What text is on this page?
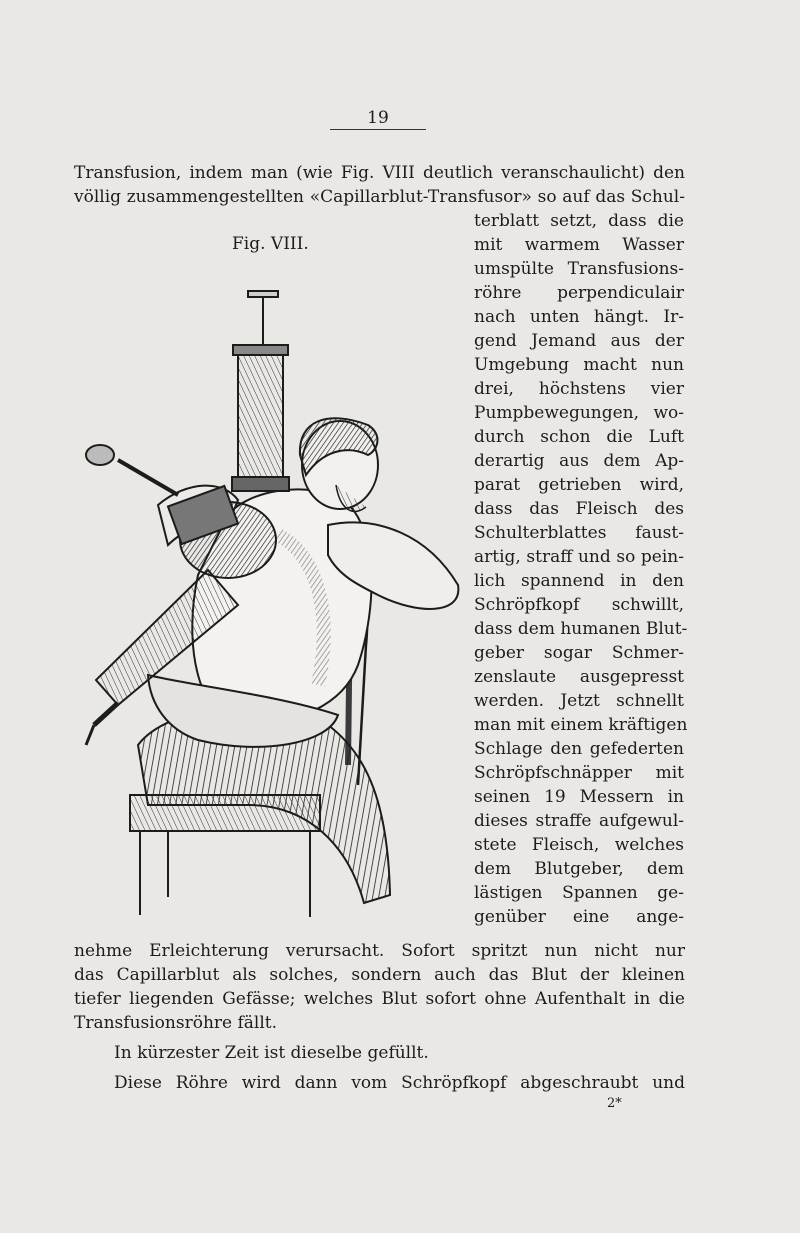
19
Transfusion, indem man (wie Fig. VIII deutlich veranschaulicht) den
völlig zusammengestellten «Capillarblut-Transfusor» so auf das Schul-
Fig. VIII.
terblatt setzt, dass die
mit warmem Wasser
umspülte Transfusions-
röhre perpendiculair
nach unten hängt. Ir-
gend Jemand aus der
Umgebung macht nun
drei, höchstens vier
Pumpbewegungen, wo-
durch schon die Luft
derartig aus dem Ap-
parat getrieben wird,
dass das Fleisch des
Schulterblattes faust-
artig, straff und so pein-
lich spannend in den
Schröpfkopf schwillt,
dass dem humanen Blut-
geber sogar Schmer-
zenslaute ausgepresst
werden. Jetzt schnellt
man mit einem kräftigen
Schlage den gefederten
Schröpfschnäpper mit
seinen 19 Messern in
dieses straffe aufgewul-
stete Fleisch, welches
dem Blutgeber, dem
lästigen Spannen ge-
genüber eine ange-
nehme Erleichterung verursacht. Sofort spritzt nun nicht nur
das Capillarblut als solches, sondern auch das Blut der kleinen
tiefer liegenden Gefässe; welches Blut sofort ohne Aufenthalt in die
Transfusionsröhre fällt.
In kürzester Zeit ist dieselbe gefüllt.
Diese Röhre wird dann vom Schröpfkopf abgeschraubt und
2*
